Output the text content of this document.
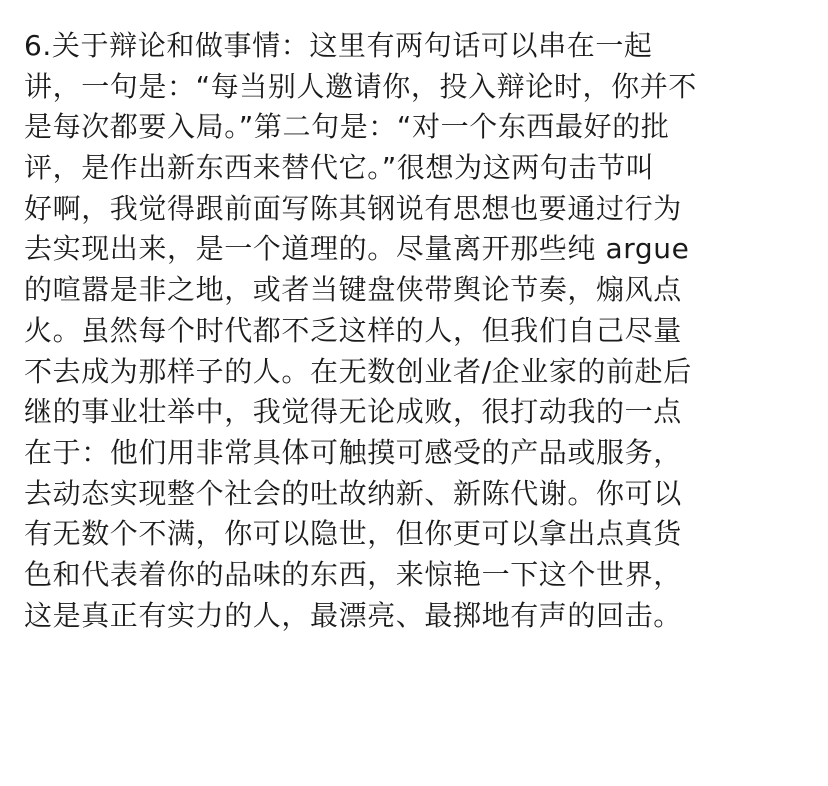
6.关于辩论和做事情：这里有两句话可以串在一起
讲，一句是：“每当别人邀请你，投入辩论时，你并不
是每次都要入局。”第二句是：“对一个东西最好的批
评，是作出新东西来替代它。”很想为这两句击节叫
好啊，我觉得跟前面写陈其钢说有思想也要通过行为
去实现出来，是一个道理的。尽量离开那些纯 argue
的喧嚣是非之地，或者当键盘侠带舆论节奏，煽风点
火。虽然每个时代都不乏这样的人，但我们自己尽量
不去成为那样子的人。在无数创业者/企业家的前赴后
继的事业壮举中，我觉得无论成败，很打动我的一点
在于：他们用非常具体可触摸可感受的产品或服务，
去动态实现整个社会的吐故纳新、新陈代谢。你可以
有无数个不满，你可以隐世，但你更可以拿出点真货
色和代表着你的品味的东西，来惊艳一下这个世界，
这是真正有实力的人，最漂亮、最掷地有声的回击。
